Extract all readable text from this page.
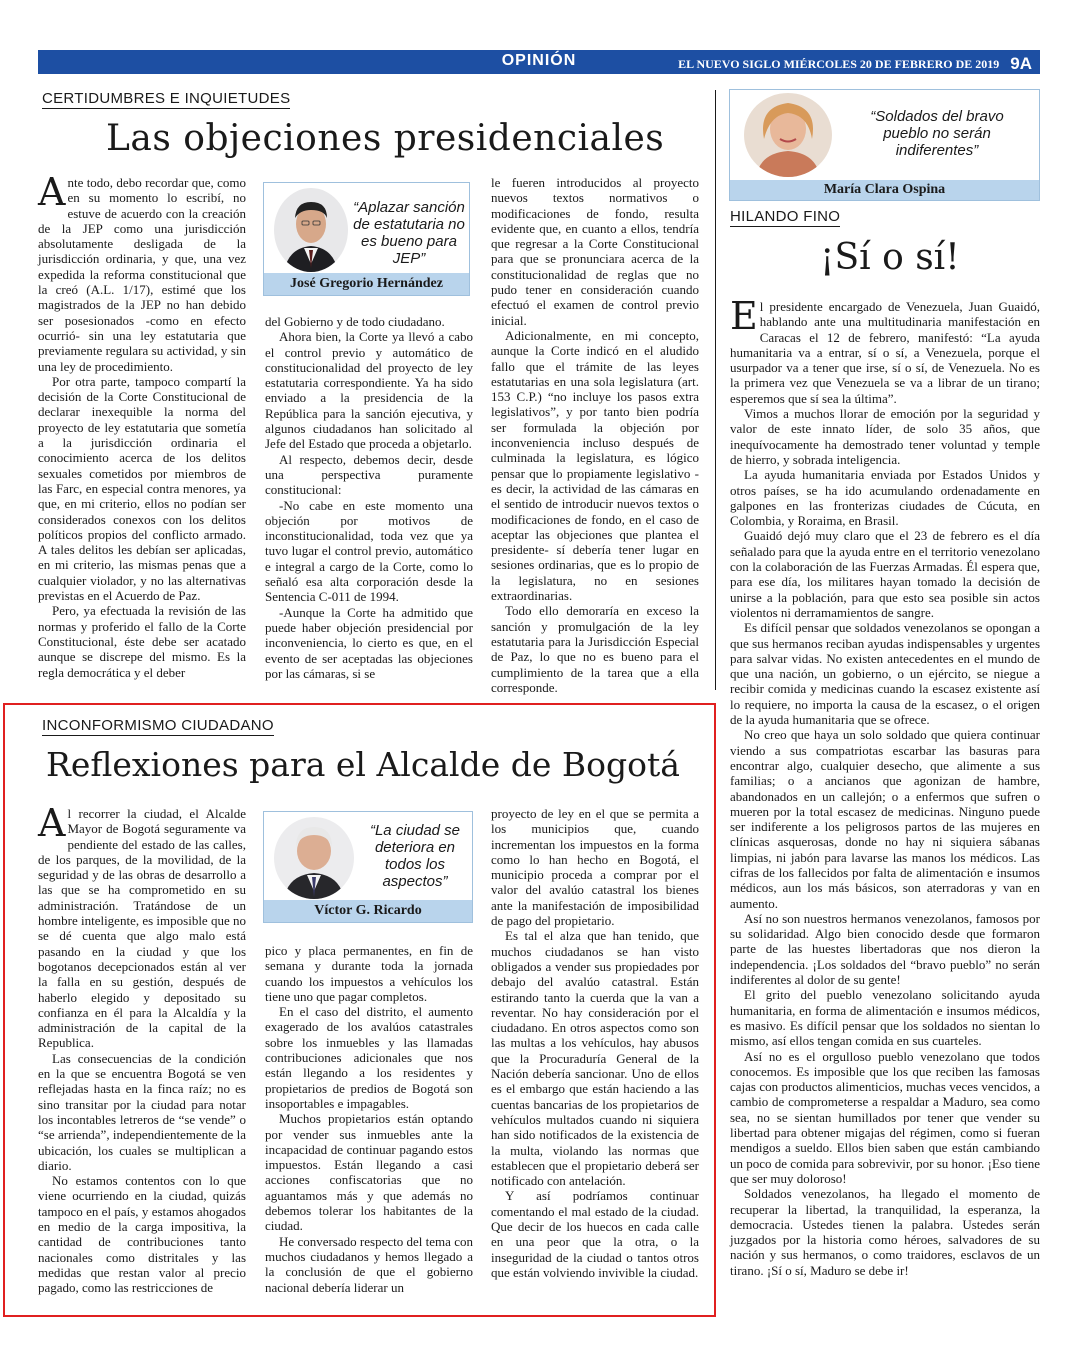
OPINIÓN	EL NUEVO SIGLO MIÉRCOLES 20 DE FEBRERO DE 2019 9A
CERTIDUMBRES E INQUIETUDES
Las objeciones presidenciales

Ante todo, debo recordar que, como en su momento lo escribí, no estuve de acuerdo con la creación de la JEP como una jurisdicción absolutamente desligada de la jurisdicción ordinaria, y que, una vez expedida la reforma constitucional que la creó (A.L. 1/17), estimé que los magistrados de la JEP no han debido ser posesionados -como en efecto ocurrió- sin una ley estatutaria que previamente regulara su actividad, y sin una ley de procedimiento.

Por otra parte, tampoco compartí la decisión de la Corte Constitucional de declarar inexequible la norma del proyecto de ley estatutaria que sometía a la jurisdicción ordinaria el conocimiento acerca de los delitos sexuales cometidos por miembros de las Farc, en especial contra menores, ya que, en mi criterio, ellos no podían ser considerados conexos con los delitos políticos propios del conflicto armado. A tales delitos les debían ser aplicadas, en mi criterio, las mismas penas que a cualquier violador, y no las alternativas previstas en el Acuerdo de Paz.

Pero, ya efectuada la revisión de las normas y proferido el fallo de la Corte Constitucional, éste debe ser acatado aunque se discrepe del mismo. Es la regla democrática y el deber

“Aplazar sanción de estatutaria no es bueno para JEP”
José Gregorio Hernández

del Gobierno y de todo ciudadano.

Ahora bien, la Corte ya llevó a cabo el control previo y automático de constitucionalidad del proyecto de ley estatutaria correspondiente. Ya ha sido enviado a la presidencia de la República para la sanción ejecutiva, y algunos ciudadanos han solicitado al Jefe del Estado que proceda a objetarlo.

Al respecto, debemos decir, desde una perspectiva puramente constitucional:

-No cabe en este momento una objeción por motivos de inconstitucionalidad, toda vez que ya tuvo lugar el control previo, automático e integral a cargo de la Corte, como lo señaló esa alta corporación desde la Sentencia C-011 de 1994.

-Aunque la Corte ha admitido que puede haber objeción presidencial por inconveniencia, lo cierto es que, en el evento de ser aceptadas las objeciones por las cámaras, si se

le fueren introducidos al proyecto nuevos textos normativos o modificaciones de fondo, resulta evidente que, en cuanto a ellos, tendría que regresar a la Corte Constitucional para que se pronunciara acerca de la constitucionalidad de reglas que no pudo tener en consideración cuando efectuó el examen de control previo inicial.

Adicionalmente, en mi concepto, aunque la Corte indicó en el aludido fallo que el trámite de las leyes estatutarias en una sola legislatura (art. 153 C.P.) “no incluye los pasos extra legislativos”, y por tanto bien podría ser formulada la objeción por inconveniencia incluso después de culminada la legislatura, es lógico pensar que lo propiamente legislativo -es decir, la actividad de las cámaras en el sentido de introducir nuevos textos o modificaciones de fondo, en el caso de aceptar las objeciones que plantea el presidente- sí debería tener lugar en sesiones ordinarias, que es lo propio de la legislatura, no en sesiones extraordinarias.

Todo ello demoraría en exceso la sanción y promulgación de la ley estatutaria para la Jurisdicción Especial de Paz, lo que no es bueno para el cumplimiento de la tarea que a ella corresponde.

INCONFORMISMO CIUDADANO
Reflexiones para el Alcalde de Bogotá

Al recorrer la ciudad, el Alcalde Mayor de Bogotá seguramente va pendiente del estado de las calles, de los parques, de la movilidad, de la seguridad y de las obras de desarrollo a las que se ha comprometido en su administración. Tratándose de un hombre inteligente, es imposible que no se dé cuenta que algo malo está pasando en la ciudad y que los bogotanos decepcionados están al ver la falla en su gestión, después de haberlo elegido y depositado su confianza en él para la Alcaldía y la administración de la capital de la Republica.

Las consecuencias de la condición en la que se encuentra Bogotá se ven reflejadas hasta en la finca raíz; no es sino transitar por la ciudad para notar los incontables letreros de “se vende” o “se arrienda”, independientemente de la ubicación, los cuales se multiplican a diario.

No estamos contentos con lo que viene ocurriendo en la ciudad, quizás tampoco en el país, y estamos ahogados en medio de la carga impositiva, la cantidad de contribuciones tanto nacionales como distritales y las medidas que restan valor al precio pagado, como las restricciones de

“La ciudad se deteriora en todos los aspectos”
Víctor G. Ricardo

pico y placa permanentes, en fin de semana y durante toda la jornada cuando los impuestos a vehículos los tiene uno que pagar completos.

En el caso del distrito, el aumento exagerado de los avalúos catastrales sobre los inmuebles y las llamadas contribuciones adicionales que nos están llegando a los residentes y propietarios de predios de Bogotá son insoportables e impagables.

Muchos propietarios están optando por vender sus inmuebles ante la incapacidad de continuar pagando estos impuestos. Están llegando a casi acciones confiscatorias que no aguantamos más y que además no debemos tolerar los habitantes de la ciudad.

He conversado respecto del tema con muchos ciudadanos y hemos llegado a la conclusión de que el gobierno nacional debería liderar un

proyecto de ley en el que se permita a los municipios que, cuando incrementan los impuestos en la forma como lo han hecho en Bogotá, el municipio proceda a comprar por el valor del avalúo catastral los bienes ante la manifestación de imposibilidad de pago del propietario.

Es tal el alza que han tenido, que muchos ciudadanos se han visto obligados a vender sus propiedades por debajo del avalúo catastral. Están estirando tanto la cuerda que la van a reventar. No hay consideración por el ciudadano. En otros aspectos como son las multas a los vehículos, hay abusos que la Procuraduría General de la Nación debería sancionar. Uno de ellos es el embargo que están haciendo a las cuentas bancarias de los propietarios de vehículos multados cuando ni siquiera han sido notificados de la existencia de la multa, violando las normas que establecen que el propietario deberá ser notificado con antelación.

Y así podríamos continuar comentando el mal estado de la ciudad. Que decir de los huecos en cada calle en una peor que la otra, o la inseguridad de la ciudad o tantos otros que están volviendo invivible la ciudad.

“Soldados del bravo pueblo no serán indiferentes”
María Clara Ospina
HILANDO FINO
¡Sí o sí!

El presidente encargado de Venezuela, Juan Guaidó, hablando ante una multitudinaria manifestación en Caracas el 12 de febrero, manifestó: “La ayuda humanitaria va a entrar, sí o sí, a Venezuela, porque el usurpador va a tener que irse, sí o sí, de Venezuela. No es la primera vez que Venezuela se va a librar de un tirano; esperemos que sí sea la última”.

Vimos a muchos llorar de emoción por la seguridad y valor de este innato líder, de solo 35 años, que inequívocamente ha demostrado tener voluntad y temple de hierro, y sobrada inteligencia.

La ayuda humanitaria enviada por Estados Unidos y otros países, se ha ido acumulando ordenadamente en galpones en las fronterizas ciudades de Cúcuta, en Colombia, y Roraima, en Brasil.

Guaidó dejó muy claro que el 23 de febrero es el día señalado para que la ayuda entre en el territorio venezolano con la colaboración de las Fuerzas Armadas. Él espera que, para ese día, los militares hayan tomado la decisión de unirse a la población, para que esto sea posible sin actos violentos ni derramamientos de sangre.

Es difícil pensar que soldados venezolanos se opongan a que sus hermanos reciban ayudas indispensables y urgentes para salvar vidas. No existen antecedentes en el mundo de que una nación, un gobierno, o un ejército, se niegue a recibir comida y medicinas cuando la escasez existente así lo requiere, no importa la causa de la escasez, o el origen de la ayuda humanitaria que se ofrece.

No creo que haya un solo soldado que quiera continuar viendo a sus compatriotas escarbar las basuras para encontrar algo, cualquier desecho, que alimente a sus familias; o a ancianos que agonizan de hambre, abandonados en un callejón; o a enfermos que sufren o mueren por la total escasez de medicinas. Ninguno puede ser indiferente a los peligrosos partos de las mujeres en clínicas asquerosas, donde no hay ni siquiera sábanas limpias, ni jabón para lavarse las manos los médicos. Las cifras de los fallecidos por falta de alimentación e insumos médicos, aun los más básicos, son aterradoras y van en aumento.

Así no son nuestros hermanos venezolanos, famosos por su solidaridad. Algo bien conocido desde que formaron parte de las huestes libertadoras que nos dieron la independencia. ¡Los soldados del “bravo pueblo” no serán indiferentes al dolor de su gente!

El grito del pueblo venezolano solicitando ayuda humanitaria, en forma de alimentación e insumos médicos, es masivo. Es difícil pensar que los soldados no sientan lo mismo, así ellos tengan comida en sus cuarteles.

Así no es el orgulloso pueblo venezolano que todos conocemos. Es imposible que los que reciben las famosas cajas con productos alimenticios, muchas veces vencidos, a cambio de comprometerse a respaldar a Maduro, sea como sea, no se sientan humillados por tener que vender su libertad para obtener migajas del régimen, como si fueran mendigos a sueldo. Ellos bien saben que están cambiando un poco de comida para sobrevivir, por su honor. ¡Eso tiene que ser muy doloroso!

Soldados venezolanos, ha llegado el momento de recuperar la libertad, la tranquilidad, la esperanza, la democracia. Ustedes tienen la palabra. Ustedes serán juzgados por la historia como héroes, salvadores de su nación y sus hermanos, o como traidores, esclavos de un tirano. ¡Sí o sí, Maduro se debe ir!
